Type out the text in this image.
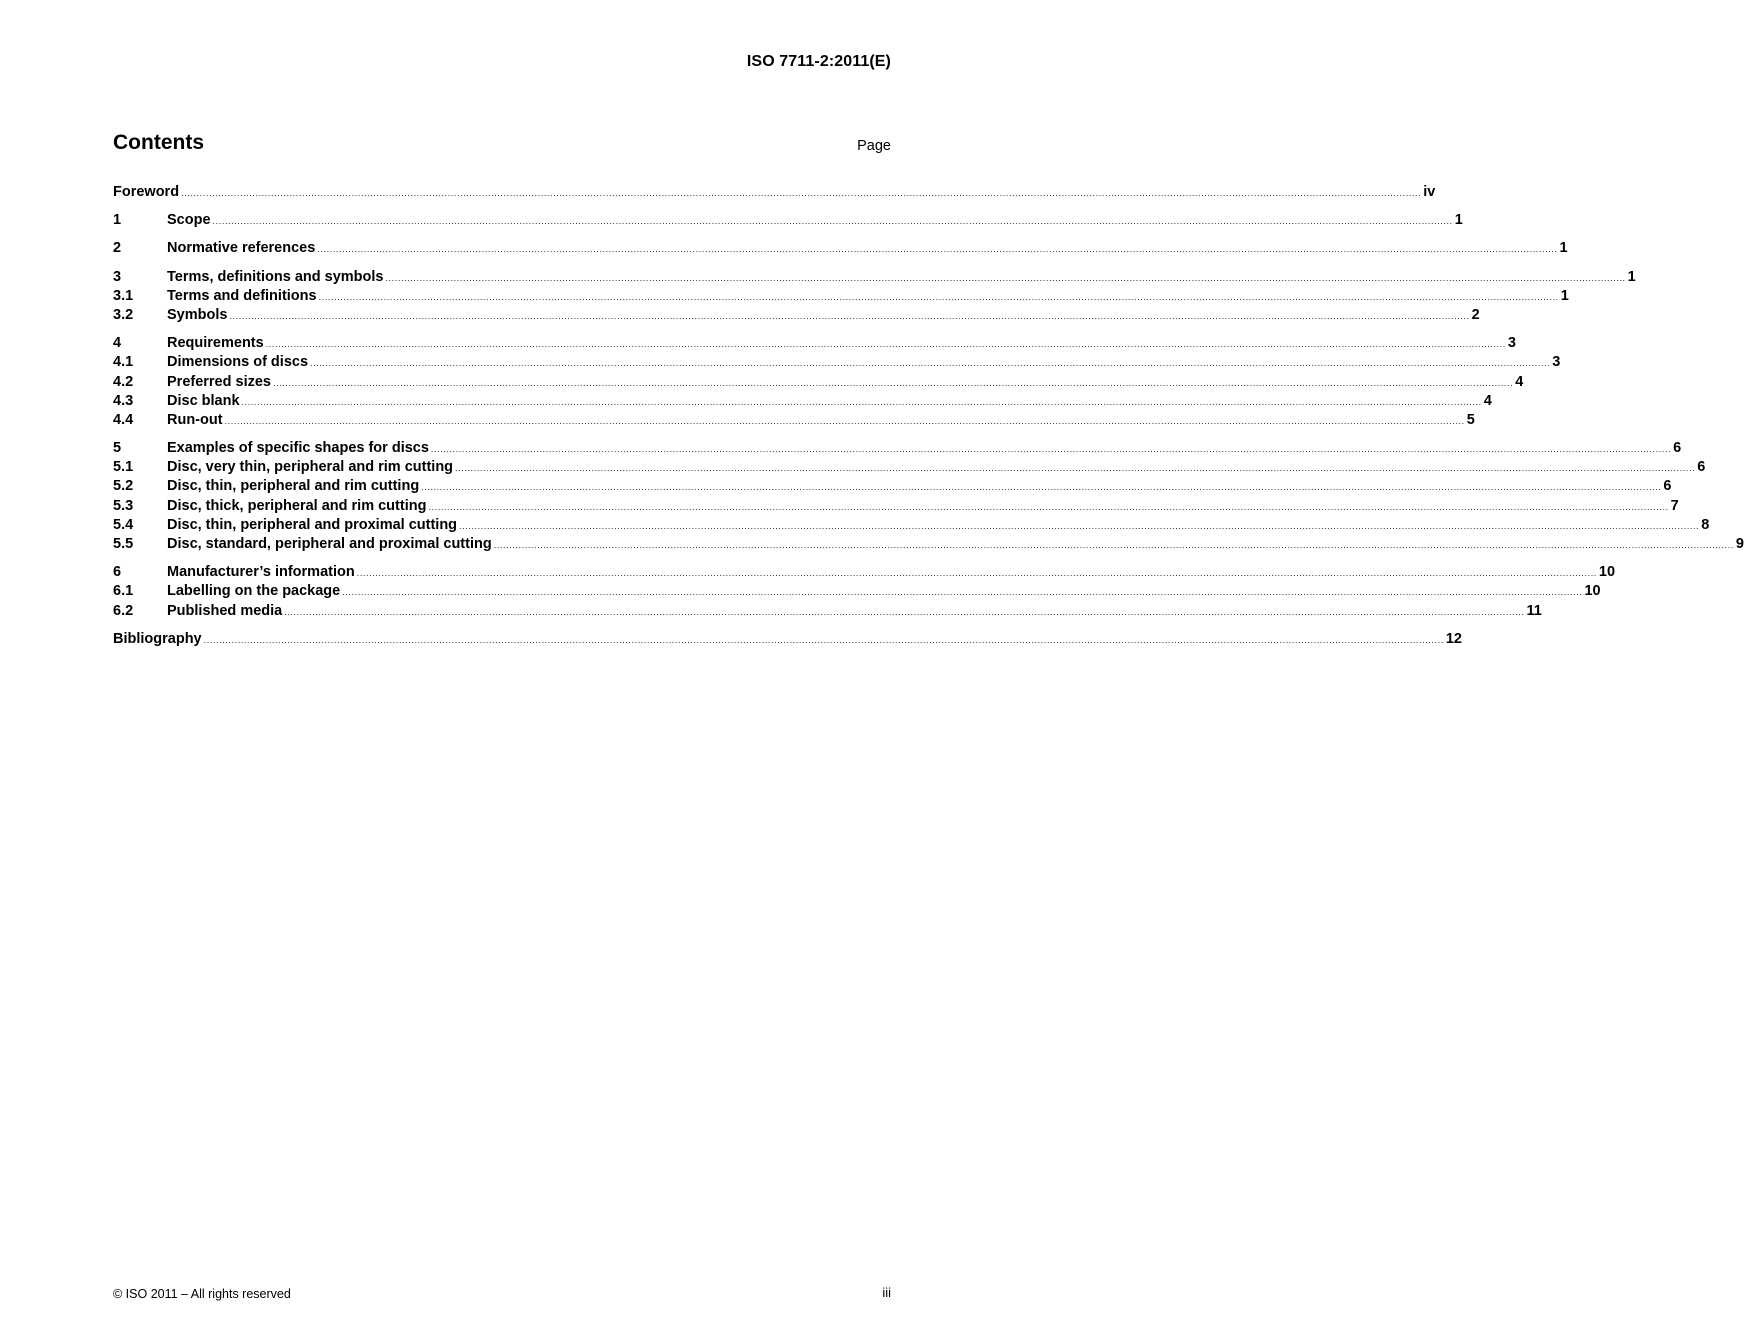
ISO 7711-2:2011(E)
Contents	Page
Foreword ................................................................................................................................................................................................................................................................................................................................................................................................................ iv
1	Scope ................................................................................................................................................................................................................................................................................................................................................................................................................ 1
2	Normative references ................................................................................................................................................................................................................................................................................................................................................................................................................ 1
3	Terms, definitions and symbols ................................................................................................................................................................................................................................................................................................................................................................................................................ 1
3.1	Terms and definitions ................................................................................................................................................................................................................................................................................................................................................................................................................ 1
3.2	Symbols ................................................................................................................................................................................................................................................................................................................................................................................................................ 2
4	Requirements ................................................................................................................................................................................................................................................................................................................................................................................................................ 3
4.1	Dimensions of discs ................................................................................................................................................................................................................................................................................................................................................................................................................ 3
4.2	Preferred sizes ................................................................................................................................................................................................................................................................................................................................................................................................................ 4
4.3	Disc blank ................................................................................................................................................................................................................................................................................................................................................................................................................ 4
4.4	Run-out ................................................................................................................................................................................................................................................................................................................................................................................................................ 5
5	Examples of specific shapes for discs ................................................................................................................................................................................................................................................................................................................................................................................................................ 6
5.1	Disc, very thin, peripheral and rim cutting ................................................................................................................................................................................................................................................................................................................................................................................................................ 6
5.2	Disc, thin, peripheral and rim cutting ................................................................................................................................................................................................................................................................................................................................................................................................................ 6
5.3	Disc, thick, peripheral and rim cutting ................................................................................................................................................................................................................................................................................................................................................................................................................ 7
5.4	Disc, thin, peripheral and proximal cutting ................................................................................................................................................................................................................................................................................................................................................................................................................ 8
5.5	Disc, standard, peripheral and proximal cutting ................................................................................................................................................................................................................................................................................................................................................................................................................ 9
6	Manufacturer’s information ................................................................................................................................................................................................................................................................................................................................................................................................................ 10
6.1	Labelling on the package ................................................................................................................................................................................................................................................................................................................................................................................................................ 10
6.2	Published media ................................................................................................................................................................................................................................................................................................................................................................................................................ 11
Bibliography ................................................................................................................................................................................................................................................................................................................................................................................................................ 12
© ISO 2011 – All rights reserved	iii
